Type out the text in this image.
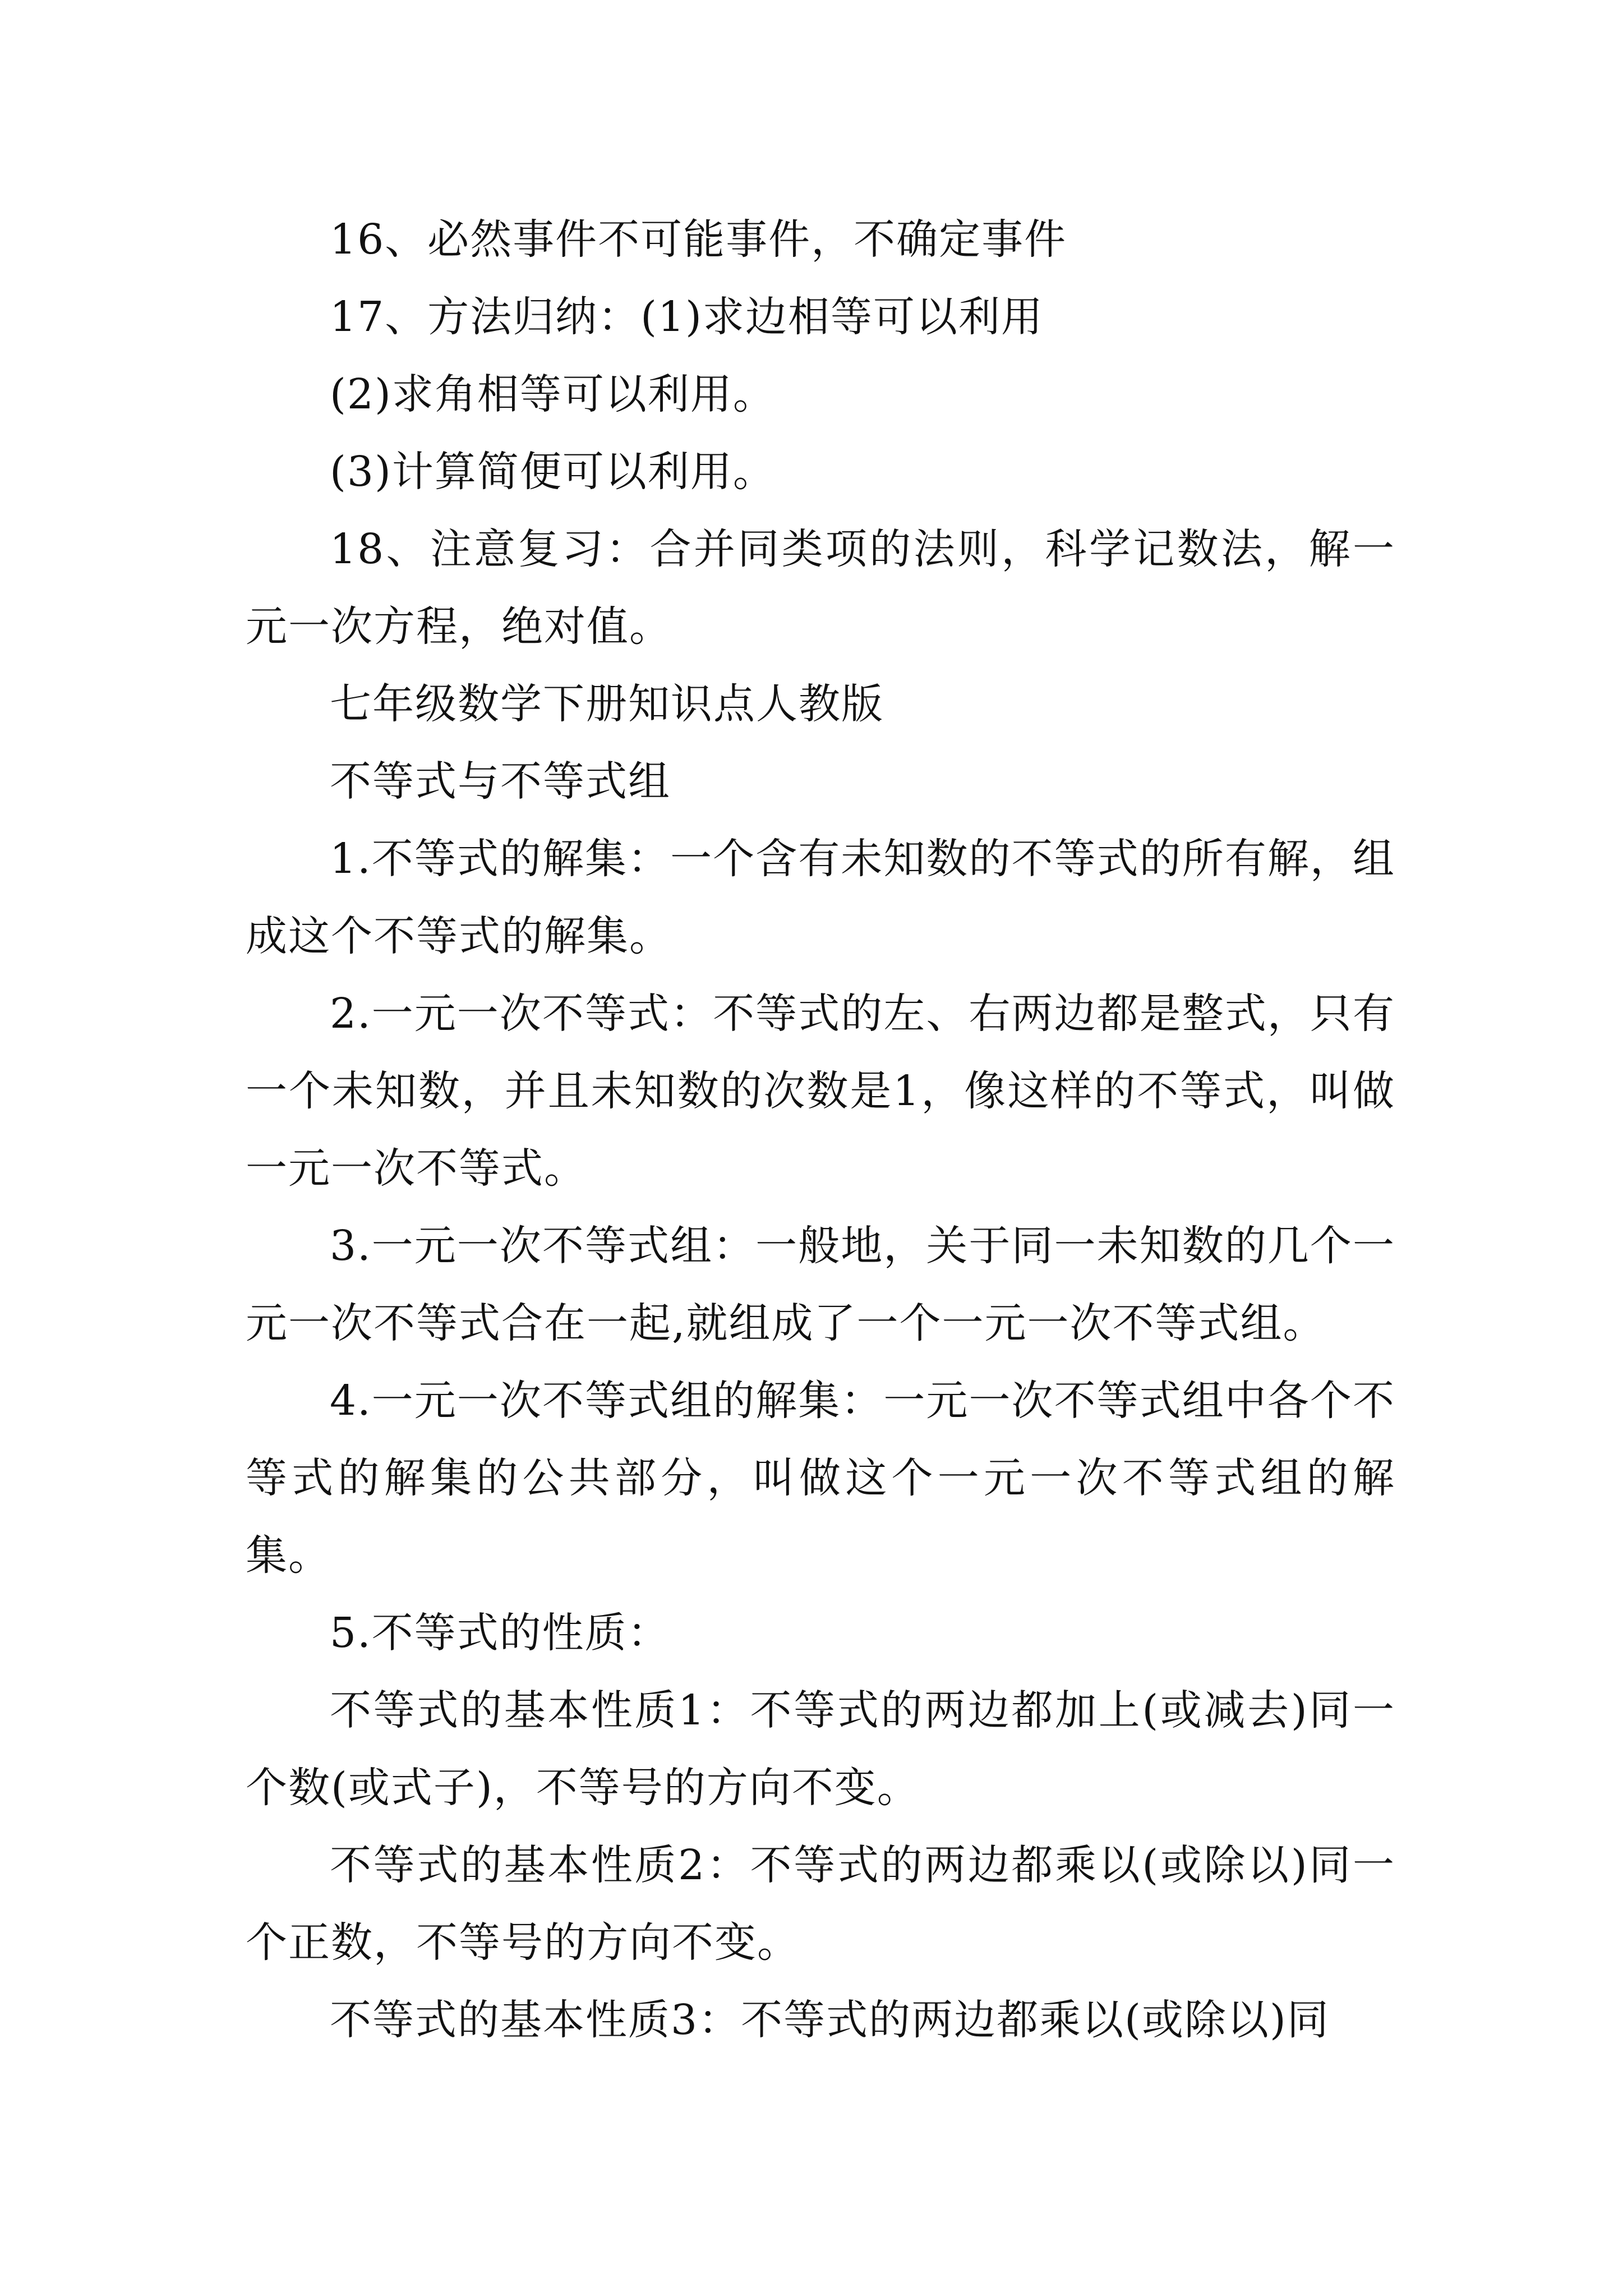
16、必然事件不可能事件，不确定事件

17、方法归纳：(1)求边相等可以利用

(2)求角相等可以利用。

(3)计算简便可以利用。

18、注意复习：合并同类项的法则，科学记数法，解一元一次方程，绝对值。

七年级数学下册知识点人教版

不等式与不等式组

1.不等式的解集：一个含有未知数的不等式的所有解，组成这个不等式的解集。

2.一元一次不等式：不等式的左、右两边都是整式，只有一个未知数，并且未知数的次数是1，像这样的不等式，叫做一元一次不等式。

3.一元一次不等式组：一般地，关于同一未知数的几个一元一次不等式合在一起,就组成了一个一元一次不等式组。

4.一元一次不等式组的解集：一元一次不等式组中各个不等式的解集的公共部分，叫做这个一元一次不等式组的解集。

5.不等式的性质：

不等式的基本性质1：不等式的两边都加上(或减去)同一个数(或式子)，不等号的方向不变。

不等式的基本性质2：不等式的两边都乘以(或除以)同一个正数，不等号的方向不变。

不等式的基本性质3：不等式的两边都乘以(或除以)同
